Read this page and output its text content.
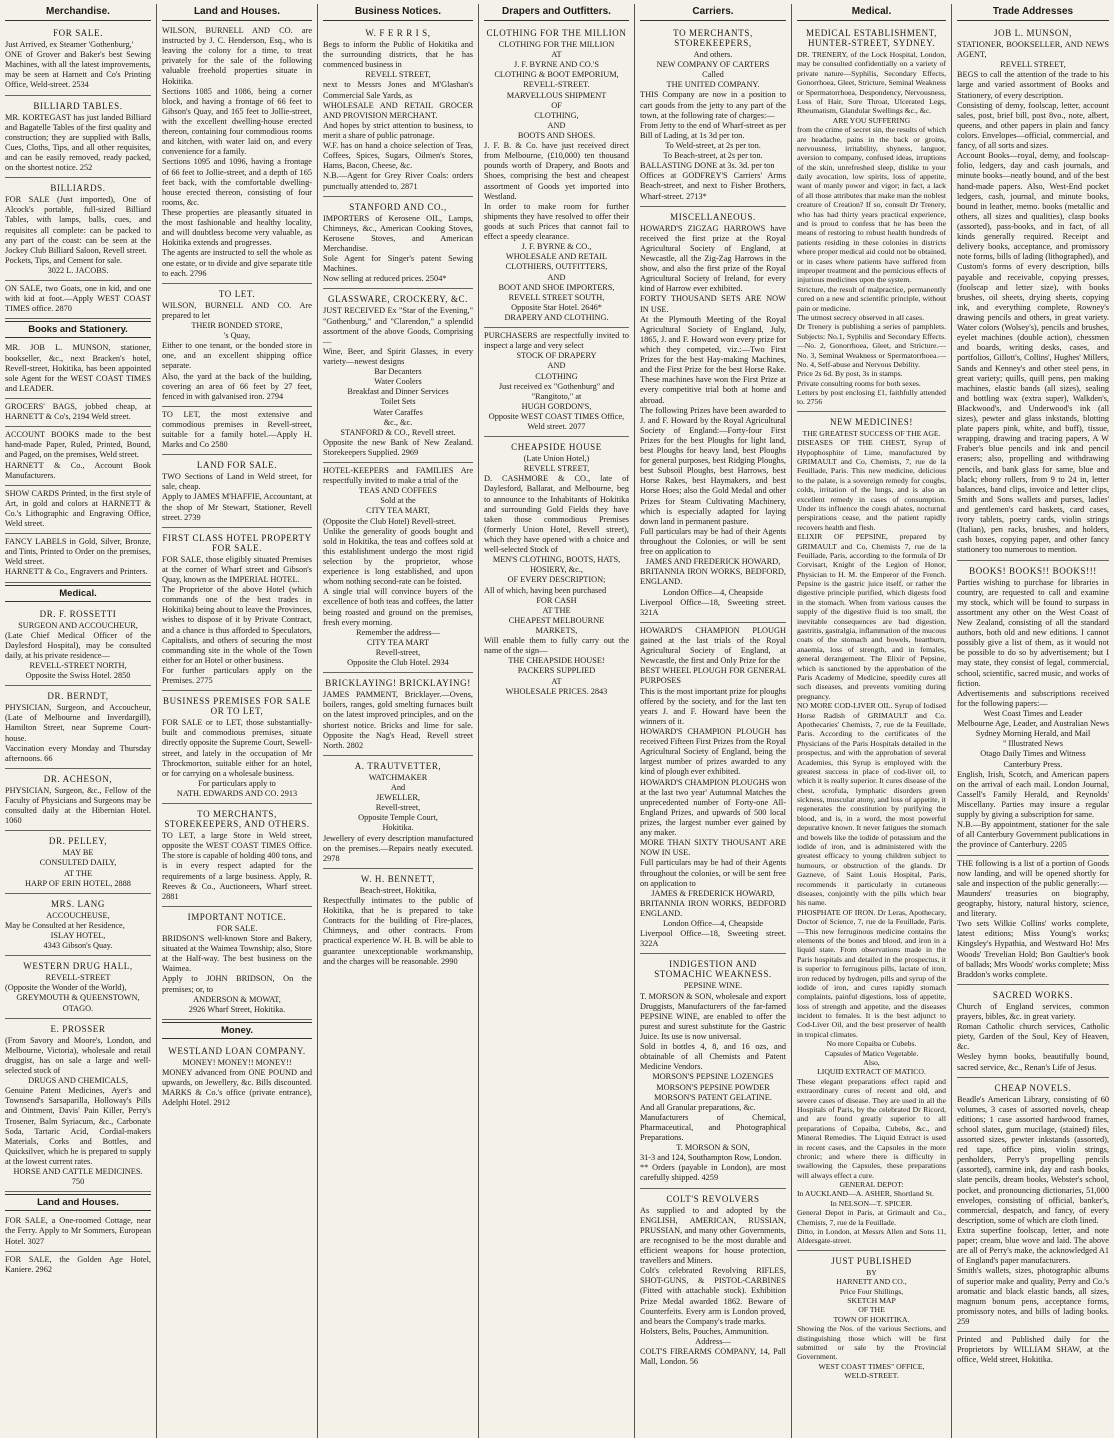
Merchandise.
FOR SALE.

Just Arrived, ex Steamer 'Gothenburg,'

ONE of Grover and Baker's best Sewing Machines, with all the latest improvements, may be seen at Harnett and Co's Printing Office, Weld-street. 2534

BILLIARD TABLES.

MR. KORTEGAST has just landed Billiard and Bagatelle Tables of the first quality and construction; they are supplied with Balls, Cues, Cloths, Tips, and all other requisites, and can be easily removed, ready packed, on the shortest notice. 252

BILLIARDS.

FOR SALE (Just imported), One of Alcock's portable, full-sized Billiard Tables, with lamps, balls, cues, and requisites all complete: can be packed to any part of the coast: can be seen at the Jockey Club Billiard Saloon, Revell street.

Pockets, Tips, and Cement for sale.

3022 L. JACOBS.

ON SALE, two Goats, one in kid, and one with kid at foot.—Apply WEST COAST TIMES office. 2870

Books and Stationery.

MR. JOB L. MUNSON, stationer, bookseller, &c., next Bracken's hotel, Revell-street, Hokitika, has been appointed sole Agent for the WEST COAST TIMES and LEADER.

GROCERS' BAGS, jobbed cheap, at HARNETT & Co's, 2194 Weld street.

ACCOUNT BOOKS made to the best hand-made Paper, Ruled, Printed, Bound, and Paged, on the premises, Weld street.

HARNETT & Co., Account Book Manufacturers.

SHOW CARDS Printed, in the first style of Art, in gold and colors at HARNETT & Co.'s Lithographic and Engraving Office, Weld street.

FANCY LABELS in Gold, Silver, Bronze, and Tints, Printed to Order on the premises, Weld street.

HARNETT & Co., Engravers and Printers.

Medical.
DR. F. ROSSETTI

SURGEON AND ACCOUCHEUR,

(Late Chief Medical Officer of the Daylesford Hospital), may be consulted daily, at his private residence—

REVELL-STREET NORTH,

Opposite the Swiss Hotel. 2850

DR. BERNDT,

PHYSICIAN, Surgeon, and Accoucheur, (Late of Melbourne and Inverdargill), Hamilton Street, near Supreme Court-house.

Vaccination every Monday and Thursday afternoons. 66

DR. ACHESON,

PHYSICIAN, Surgeon, &c., Fellow of the Faculty of Physicians and Surgeons may be consulted daily at the Hibernian Hotel. 1060

DR. PELLEY,

MAY BE

CONSULTED DAILY,

AT THE

HARP OF ERIN HOTEL, 2888

MRS. LANG

ACCOUCHEUSE,

May be Consulted at her Residence,

ISLAY HOTEL,

4343 Gibson's Quay.

WESTERN DRUG HALL,

REVELL-STREET

(Opposite the Wonder of the World),

GREYMOUTH & QUEENSTOWN,

OTAGO.

E. PROSSER

(From Savory and Moore's, London, and Melbourne, Victoria), wholesale and retail druggist, has on sale a large and well-selected stock of

DRUGS AND CHEMICALS,

Genuine Patent Medicines, Ayer's and Townsend's Sarsaparilla, Holloway's Pills and Ointment, Davis' Pain Killer, Perry's Trosener, Balm Syriacum, &c., Carbonate Soda, Tartaric Acid, Cordial-makers Materials, Corks and Bottles, and Quicksilver, which he is prepared to supply at the lowest current rates.

HORSE AND CATTLE MEDICINES.

750

Land and Houses.

FOR SALE, a One-roomed Cottage, near the Ferry. Apply to Mr Sommers, European Hotel. 3027

FOR SALE, the Golden Age Hotel, Kaniere. 2962

Land and Houses.

WILSON, BURNELL AND CO. are instructed by J. C. Henderson, Esq., who is leaving the colony for a time, to treat privately for the sale of the following valuable freehold properties situate in Hokitika.

Sections 1085 and 1086, being a corner block, and having a frontage of 66 feet to Gibson's Quay, and 165 feet to Jollie-street, with the excellent dwelling-house erected thereon, containing four commodious rooms and kitchen, with water laid on, and every convenience for a family.

Sections 1095 and 1096, having a frontage of 66 feet to Jollie-street, and a depth of 165 feet back, with the comfortable dwelling-house erected thereon, consisting of four rooms, &c.

These properties are pleasantly situated in the most fashionable and healthy locality, and will doubtless become very valuable, as Hokitika extends and progresses.

The agents are instructed to sell the whole as one estate, or to divide and give separate title to each. 2796

TO LET.

WILSON, BURNELL AND CO. Are prepared to let

THEIR BONDED STORE,

's Quay,

Either to one tenant, or the bonded store in one, and an excellent shipping office separate.

Also, the yard at the back of the building, covering an area of 66 feet by 27 feet, fenced in with galvanised iron. 2794

TO LET, the most extensive and commodious premises in Revell-street, suitable for a family hotel.—Apply H. Marks and Co 2580

LAND FOR SALE.

TWO Sections of Land in Weld street, for sale, cheap.

Apply to JAMES M'HAFFIE, Accountant, at the shop of Mr Stewart, Stationer, Revell street. 2739

FIRST CLASS HOTEL PROPERTY FOR SALE.

FOR SALE, those eligibly situated Premises at the corner of Wharf street and Gibson's Quay, known as the IMPERIAL HOTEL.

The Proprietor of the above Hotel (which commands one of the best trades in Hokitika) being about to leave the Provinces, wishes to dispose of it by Private Contract, and a chance is thus afforded to Speculators, Capitalists, and others of securing the most commanding site in the whole of the Town either for an Hotel or other business.

For further particulars apply on the Premises. 2775

BUSINESS PREMISES FOR SALE OR TO LET,

FOR SALE or to LET, those substantially-built and commodious premises, situate directly opposite the Supreme Court, Sewell-street, and lately in the occupation of Mr Throckmorton, suitable either for an hotel, or for carrying on a wholesale business.

For particulars apply to

NATH. EDWARDS AND CO. 2913

TO MERCHANTS, STOREKEEPERS, AND OTHERS.

TO LET, a large Store in Weld street, opposite the WEST COAST TIMES Office. The store is capable of holding 400 tons, and is in every respect adapted for the requirements of a large business. Apply, R. Reeves & Co., Auctioneers, Wharf street. 2881

IMPORTANT NOTICE.

FOR SALE.

BRIDSON'S well-known Store and Bakery, situated at the Waimea Township; also, Store at the Half-way. The best business on the Waimea.

Apply to JOHN BRIDSON, On the premises; or, to

ANDERSON & MOWAT,

2926 Wharf Street, Hokitika.

Money.
WESTLAND LOAN COMPANY.

MONEY! MONEY!! MONEY!!

MONEY advanced from ONE POUND and upwards, on Jewellery, &c. Bills discounted. MARKS & Co.'s office (private entrance), Adelphi Hotel. 2912

Business Notices.
W. F E R R I S,

Begs to inform the Public of Hokitika and the surrounding districts, that he has commenced business in

REVELL STREET,

next to Messrs Jones and M'Glashan's Commercial Sale Yards, as

WHOLESALE AND RETAIL GROCER AND PROVISION MERCHANT.

And hopes by strict attention to business, to merit a share of public patronage.

W.F. has on hand a choice selection of Teas, Coffees, Spices, Sugars, Oilmen's Stores, Hams, Bacon, Cheese, &c.

N.B.—Agent for Grey River Coals: orders punctually attended to. 2871

STANFORD AND CO.,

IMPORTERS of Kerosene OIL, Lamps, Chimneys, &c., American Cooking Stoves, Kerosene Stoves, and American Merchandise.

Sole Agent for Singer's patent Sewing Machines.

Now selling at reduced prices. 2504*

GLASSWARE, CROCKERY, &C.

JUST RECEIVED Ex "Star of the Evening," "Gothenburg," and "Clarendon," a splendid assortment of the above Goods, Comprising—

Wine, Beer, and Spirit Glasses, in every variety—newest designs

Bar Decanters

Water Coolers

Breakfast and Dinner Services

Toilet Sets

Water Caraffes

&c., &c.

STANFORD & CO., Revell street.

Opposite the new Bank of New Zealand. Storekeepers Supplied. 2969

HOTEL-KEEPERS and FAMILIES Are respectfully invited to make a trial of the

TEAS AND COFFEES

Sold at the

CITY TEA MART,

(Opposite the Club Hotel) Revell-street.

Unlike the generality of goods bought and sold in Hokitika, the teas and coffees sold at this establishment undergo the most rigid selection by the proprietor, whose experience is long established, and upon whom nothing second-rate can be foisted.

A single trial will convince buyers of the excellence of both teas and coffees, the latter being roasted and ground on the premises, fresh every morning.

Remember the address—

CITY TEA MART

Revell-street,

Opposite the Club Hotel. 2934

BRICKLAYING! BRICKLAYING!

JAMES PAMMENT, Bricklayer.—Ovens, boilers, ranges, gold smelting furnaces built on the latest improved principles, and on the shortest notice. Bricks and lime for sale. Opposite the Nag's Head, Revell street North. 2802

A. TRAUTVETTER,

WATCHMAKER

And

JEWELLER,

Revell-street,

Opposite Temple Court,

Hokitika.

Jewellery of every description manufactured on the premises.—Repairs neatly executed. 2978

W. H. BENNETT,

Beach-street, Hokitika,

Respectfully intimates to the public of Hokitika, that he is prepared to take Contracts for the building of Fire-places, Chimneys, and other contracts. From practical experience W. H. B. will be able to guarantee unexceptionable workmanship, and the charges will be reasonable. 2990

Drapers and Outfitters.
CLOTHING FOR THE MILLION

CLOTHING FOR THE MILLION

AT

J. F. BYRNE AND CO.'S

CLOTHING & BOOT EMPORIUM,

REVELL-STREET.

MARVELLOUS SHIPMENT

OF

CLOTHING,

AND

BOOTS AND SHOES.

J. F. B. & Co. have just received direct from Melbourne, (£10,000) ten thousand pounds worth of Drapery, and Boots and Shoes, comprising the best and cheapest assortment of Goods yet imported into Westland.

In order to make room for further shipments they have resolved to offer their goods at such Prices that cannot fail to effect a speedy clearance.

J. F. BYRNE & CO.,

WHOLESALE AND RETAIL

CLOTHIERS, OUTFITTERS,

AND

BOOT AND SHOE IMPORTERS,

REVELL STREET SOUTH,

Opposite Star Hotel. 2646*

DRAPERY AND CLOTHING.

PURCHASERS are respectfully invited to inspect a large and very select

STOCK OF DRAPERY

AND

CLOTHING

Just received ex "Gothenburg" and

"Rangitoto," at

HUGH GORDON'S,

Opposite WEST COAST TIMES Office,

Weld street. 2077

CHEAPSIDE HOUSE

(Late Union Hotel,)

REVELL STREET,

D. CASHMORE & CO., late of Daylesford, Ballarat, and Melbourne, beg to announce to the Inhabitants of Hokitika and surrounding Gold Fields they have taken those commodious Premises (formerly Union Hotel, Revell street), which they have opened with a choice and well-selected Stock of

MEN'S CLOTHING, BOOTS, HATS,

HOSIERY, &c.,

OF EVERY DESCRIPTION;

All of which, having been purchased

FOR CASH

AT THE

CHEAPEST MELBOURNE

MARKETS,

Will enable them to fully carry out the name of the sign—

THE CHEAPSIDE HOUSE!

PACKERS SUPPLIED

AT

WHOLESALE PRICES. 2843

Carriers.
TO MERCHANTS, STOREKEEPERS,

And others.

NEW COMPANY OF CARTERS

Called

THE UNITED COMPANY.

THIS Company are now in a position to cart goods from the jetty to any part of the town, at the following rate of charges:—

From Jetty to the end of Wharf-street as per Bill of Lading, at 1s 3d per ton.

To Weld-street, at 2s per ton.

To Beach-street, at 2s per ton.

BALLASTING DONE at 3s. 3d. per ton

Offices at GODFREY'S Carriers' Arms Beach-street, and next to Fisher Brothers, Wharf-street. 2713*

MISCELLANEOUS.

HOWARD'S ZIGZAG HARROWS have received the first prize at the Royal Agricultural Society of England, at Newcastle, all the Zig-Zag Harrows in the show, and also the first prize of the Royal Agricultural Society of Ireland, for every kind of Harrow ever exhibited.

FORTY THOUSAND SETS ARE NOW IN USE.

At the Plymouth Meeting of the Royal Agricultural Society of England, July, 1865, J. and F. Howard won every prize for which they competed, viz.:—Two First Prizes for the best Hay-making Machines, and the First Prize for the best Horse Rake. These machines have won the First Prize at every competitive trial both at home and abroad.

The following Prizes have been awarded to J. and F. Howard by the Royal Agricultural Society of England:—Forty-four First Prizes for the best Ploughs for light land, best Ploughs for heavy land, best Ploughs for general purposes, best Ridging Ploughs, best Subsoil Ploughs, best Harrows, best Horse Rakes, best Haymakers, and best Horse Hoes; also the Gold Medal and other Prizes for Steam Cultivating Machinery, which is especially adapted for laying down land in permanent pasture.

Full particulars may be had of their Agents throughout the Colonies, or will be sent free on application to

JAMES AND FREDERICK HOWARD,

BRITANNIA IRON WORKS, BEDFORD, ENGLAND.

London Office—4, Cheapside

Liverpool Office—18, Sweeting street. 321A

HOWARD'S CHAMPION PLOUGH gained at the last trials of the Royal Agricultural Society of England, at Newcastle, the first and Only Prize for the

BEST WHEEL PLOUGH FOR GENERAL PURPOSES

This is the most important prize for ploughs offered by the society, and for the last ten years J. and F. Howard have been the winners of it.

HOWARD'S CHAMPION PLOUGH has received Fifteen First Prizes from the Royal Agricultural Society of England, being the largest number of prizes awarded to any kind of plough ever exhibited.

HOWARD'S CHAMPION PLOUGHS won at the last two year' Autumnal Matches the unprecedented number of Forty-one All-England Prizes, and upwards of 500 local prizes, the largest number ever gained by any maker.

MORE THAN SIXTY THOUSANT ARE NOW IN USE.

Full particulars may be had of their Agents throughout the colonies, or will be sent free on application to

JAMES & FREDERICK HOWARD,

BRITANNIA IRON WORKS, BEDFORD ENGLAND.

London Office—4, Cheapside

Liverpool Office—18, Sweeting street. 322A

INDIGESTION AND STOMACHIC WEAKNESS.

PEPSINE WINE.

T. MORSON & SON, wholesale and export Druggists, Manufacturers of the far-famed PEPSINE WINE, are enabled to offer the purest and surest substitute for the Gastric Juice. Its use is now universal.

Sold in bottles 4, 8, and 16 ozs, and obtainable of all Chemists and Patent Medicine Vendors.

MORSON'S PEPSINE LOZENGES

MORSON'S PEPSINE POWDER

MORSON'S PATENT GELATINE.

And all Granular preparations, &c.

Manufacturers of Chemical, Pharmaceutical, and Photographical Preparations.

T. MORSON & SON,

31-3 and 124, Southampton Row, London.

** Orders (payable in London), are most carefully shipped. 4259

COLT'S REVOLVERS

As supplied to and adopted by the ENGLISH, AMERICAN, RUSSIAN, PRUSSIAN, and many other Governments, are recognised to be the most durable and efficient weapons for house protection, travellers and Miners.

Colt's celebrated Revolving RIFLES, SHOT-GUNS, & PISTOL-CARBINES (Fitted with attachable stock). Exhibition Prize Medal awarded 1862. Beware of Counterfeits. Every arm is London proved, and bears the Company's trade marks.

Holsters, Belts, Pouches, Ammunition.

Address—

COLT'S FIREARMS COMPANY, 14, Pall Mall, London. 56

Medical.
MEDICAL ESTABLISHMENT, HUNTER-STREET, SYDNEY.

DR. TRENERY, of the Lock Hospital, London, may be consulted confidentially on a variety of private nature—Syphilis, Secondary Effects, Gonorrhoea, Gleet, Stricture, Seminal Weakness or Spermatorrhoea, Despondency, Nervousness, Loss of Hair, Sore Throat, Ulcerated Legs, Rheumatism, Glandular Swellings &c., &c.

ARE YOU SUFFERING

from the crime of secret sin, the results of which are headache, pains in the back or groins, nervousness, irritability, shyness, languor, aversion to company, confused ideas, irruptions of the skin, unrefreshed sleep, dislike to your daily avocation, low spirits, loss of appetite, want of manly power and vigor; in fact, a lack of all those attributes that make man the noblest creature of Creation? If so, consult Dr Trenery, who has had thirty years practical experience, and is proud to confess that he has been the means of restoring to robust health hundreds of patients residing in these colonies in districts where proper medical aid could not be obtained, or in cases where patients have suffered from improper treatment and the pernicious effects of injurious medicines upon the system.

Stricture, the result of malpractice, permanently cured on a new and scientific principle, without pain or medicine.

The utmost secrecy observed in all cases.

Dr Trenery is publishing a series of pamphlets. Subjects: No.1, Syphilis and Secondary Effects.—No. 2, Gonorrhoea, Gleet, and Stricture.—No. 3, Seminal Weakness or Spermatorrhoea.—No. 4, Self-abuse and Nervous Debility.

Price 2s 6d. By post, 3s in stamps.

Private consulting rooms for both sexes.

Letters by post enclosing £1, faithfully attended to. 2756

NEW MEDICINES!

THE GREATEST SUCCESS OF THE AGE.

DISEASES OF THE CHEST, Syrup of Hypophosphite of Lime, manufactured by GRIMAULT and Co, Chemists, 7, rue de la Feuillade, Paris. This new medicine, delicious to the palate, is a sovereign remedy for coughs, colds, irritation of the lungs, and is also an excellent remedy in cases of consumption. Under its influence the cough abates, nocturnal perspirations cease, and the patient rapidly recovers health and flesh.

ELIXIR OF PEPSINE, prepared by GRIMAULT and Co, Chemists 7, rue de la Feuillade, Paris, according to the formula of Dr Corvisart, Knight of the Legion of Honor, Physician to H. M. the Emperor of the French. Pepsine is the gastric juice itself, or rather the digestive principle purified, which digests food in the stomach. When from various causes the supply of the digestive fluid is too small, the inevitable consequences are bad digestion, gastritis, gastralgia, inflammation of the mucous coats of the stomach and bowels, heartburn, anaemia, loss of strength, and in females, general derangement. The Elixir of Pepsine, which is sanctioned by the approbation of the Paris Academy of Medicine, speedily cures all such diseases, and prevents vomiting during pregnancy.

NO MORE COD-LIVER OIL. Syrup of Iodised Horse Radish of GRIMAULT and Co. Apothecaries' Chemists, 7, rue de la Feuillade, Paris. According to the certificates of the Physicians of the Paris Hospitals detailed in the prospectus, and with the approbation of several Academies, this Syrup is employed with the greatest success in place of cod-liver oil, to which it is really superior. It cures disease of the chest, scrofula, lymphatic disorders green sickness, muscular atony, and loss of appetite, it regenerates the constitution by purifying the blood, and is, in a word, the most powerful depurative known. It never fatigues the stomach and bowels like the iodide of potassium and the iodide of iron, and is administered with the greatest efficacy to young children subject to humours, or obstruction of the glands. Dr Gazneve, of Saint Louis Hospital, Paris, recommends it particularly in cutaneous diseases, conjointly with the pills which bear his name.

PHOSPHATE OF IRON. Dr Leras, Apothecary, Doctor of Science, 7, rue de la Feuillade, Paris.—This new ferruginous medicine contains the elements of the bones and blood, and iron in a liquid state. From observations made in the Paris hospitals and detailed in the prospectus, it is superior to ferruginous pills, lactate of iron, iron reduced by hydrogen, pills and syrup of the iodide of iron, and cures rapidly stomach complaints, painful digestions, loss of appetite, loss of strength and appetite, and the diseases incident to females. It is the best adjunct to Cod-Liver Oil, and the best preserver of health in tropical climates.

No more Copaiba or Cubebs.

Capsules of Matico Vegetable.

Also,

LIQUID EXTRACT OF MATICO.

These elegant preparations effect rapid and extraordinary cures of recent and old, and severe cases of disease. They are used in all the Hospitals of Paris, by the celebrated Dr Ricord, and are found greatly superior to all preparations of Copaiba, Cubebs, &c., and Mineral Remedies. The Liquid Extract is used in recent cases, and the Capsules in the more chronic; and where there is difficulty in swallowing the Capsules, these preparations will always effect a cure.

GENERAL DEPOT:

In AUCKLAND—A. ASHER, Shortland St.

In NELSON—T. SPICER.

General Depot in Paris, at Grimault and Co., Chemists, 7, rue de la Feuillade.

Ditto, in London, at Messrs Allen and Sons 11, Aldersgate-street.

JUST PUBLISHED

BY

HARNETT AND CO.,

Price Four Shillings,

SKETCH MAP

OF THE

TOWN OF HOKITIKA.

Showing the Nos. of the various Sections, and distinguishing those which will be first submitted or sale by the Provincial Government.

WEST COAST TIMES" OFFICE,

WELD-STREET.

Trade Addresses
JOB L. MUNSON,

STATIONER, BOOKSELLER, AND NEWS AGENT,

REVELL STREET,

BEGS to call the attention of the trade to his large and varied assortment of Books and Stationery, of every description.

Consisting of demy, foolscap, letter, account sales, post, brief bill, post 8vo., note, albert, queens, and other papers in plain and fancy colors. Envelopes—official, commercial, and fancy, of all sorts and sizes.

Account Books—royal, demy, and foolscap-folio, ledgers, day and cash journals, and minute books—neatly bound, and of the best hand-made papers. Also, West-End pocket ledgers, cash, journal, and minute books, bound in leather, memo. books (metallic and others, all sizes and qualities), clasp books (assorted), pass-books, and in fact, of all kinds generally required. Receipt and delivery books, acceptance, and promissory note forms, bills of lading (lithographed), and Custom's forms of every description, bills payable and receivable, copying presses, (foolscap and letter size), with books brushes, oil sheets, drying sheets, copying ink, and everything complete, Rowney's drawing pencils and others, in great variety. Water colors (Wolsey's), pencils and brushes, eyelet machines (double action), chessmen and boards, writing desks, cases, and portfolios, Gillott's, Collins', Hughes' Millers, Sands and Kenney's and other steel pens, in great variety; quills, quill pens, pen making machines, elastic bands (all sizes), sealing and bottling wax (extra super), Walkden's, Blackwood's, and Underwood's ink (all sizes), pewter and glass inkstands, blotting plate papers pink, white, and buff), tissue, wrapping, drawing and tracing papers, A W Fraber's blue pencils and ink and pencil erasers; also, propelling and withdrawing pencils, and bank glass for same, blue and black; ebony rollers, from 9 to 24 in, letter balances, band clips, invoice and letter clips, Smith and Sons wallets and purses, ladies' and gentlemen's card baskets, card cases, ivory tablets, poetry cards, violin strings (Italian), pen racks, brushes, and holders, cash boxes, copying paper, and other fancy stationery too numerous to mention.

BOOKS! BOOKS!! BOOKS!!!

Parties wishing to purchase for libraries in country, are requested to call and examine my stock, which will be found to surpass in assortment any other on the West Coast of New Zealand, consisting of all the standard authors, both old and new editions. I cannot possibly give a list of them, as it would not be possible to do so by advertisement; but I may state, they consist of legal, commercial, school, scientific, sacred music, and works of fiction.

Advertisements and subscriptions received for the following papers:—

West Coast Times and Leader

Melbourne Age, Leader, and Australian News

Sydney Morning Herald, and Mail

" Illustrated News

Otago Daily Times and Witness

Canterbury Press.

English, Irish, Scotch, and American papers on the arrival of each mail. London Journal, Cassell's Family Herald, and Reynolds' Miscellany. Parties may insure a regular supply by giving a subscription for same.

N.B.—By appointment, stationer for the sale of all Canterbury Government publications in the province of Canterbury. 2205

THE following is a list of a portion of Goods now landing, and will be opened shortly for sale and inspection of the public generally:—

Maunders' treasuries on biography, geography, history, natural history, science, and literary.

Two sets Wilkie Collins' works complete, latest editions; Miss Young's works; Kingsley's Hypathia, and Westward Ho! Mrs Woods' Trevelian Hold; Bon Gaultier's book of ballads; Mrs Woods' works complete; Miss Braddon's works complete.

SACRED WORKS.

Church of England services, common prayers, bibles, &c. in great variety.

Roman Catholic church services, Catholic piety, Garden of the Soul, Key of Heaven, &c.

Wesley hymn books, beautifully bound, sacred service, &c., Renan's Life of Jesus.

CHEAP NOVELS.

Beadle's American Library, consisting of 60 volumes, 3 cases of assorted novels, cheap editions; 1 case assorted hardwood frames, school slates, gum mucilage, (stained) files, assorted sizes, pewter inkstands (assorted), red tape, office pins, violin strings, penholders, Perry's propelling pencils (assorted), carmine ink, day and cash books, slate pencils, dream books, Webster's school, pocket, and pronouncing dictionaries, 51,000 envelopes, consisting of official, banker's, commercial, despatch, and fancy, of every description, some of which are cloth lined.

Extra superfine foolscap, letter, and note paper; cream, blue wove and laid. The above are all of Perry's make, the acknowledged A1 of England's paper manufacturers.

Smith's wallets, sizes, photographic albums of superior make and quality, Perry and Co.'s aromatic and black elastic bands, all sizes, magnum bonum pens, acceptance forms, promissory notes, and bills of lading books. 259

Printed and Published daily for the Proprietors by WILLIAM SHAW, at the office, Weld street, Hokitika.
